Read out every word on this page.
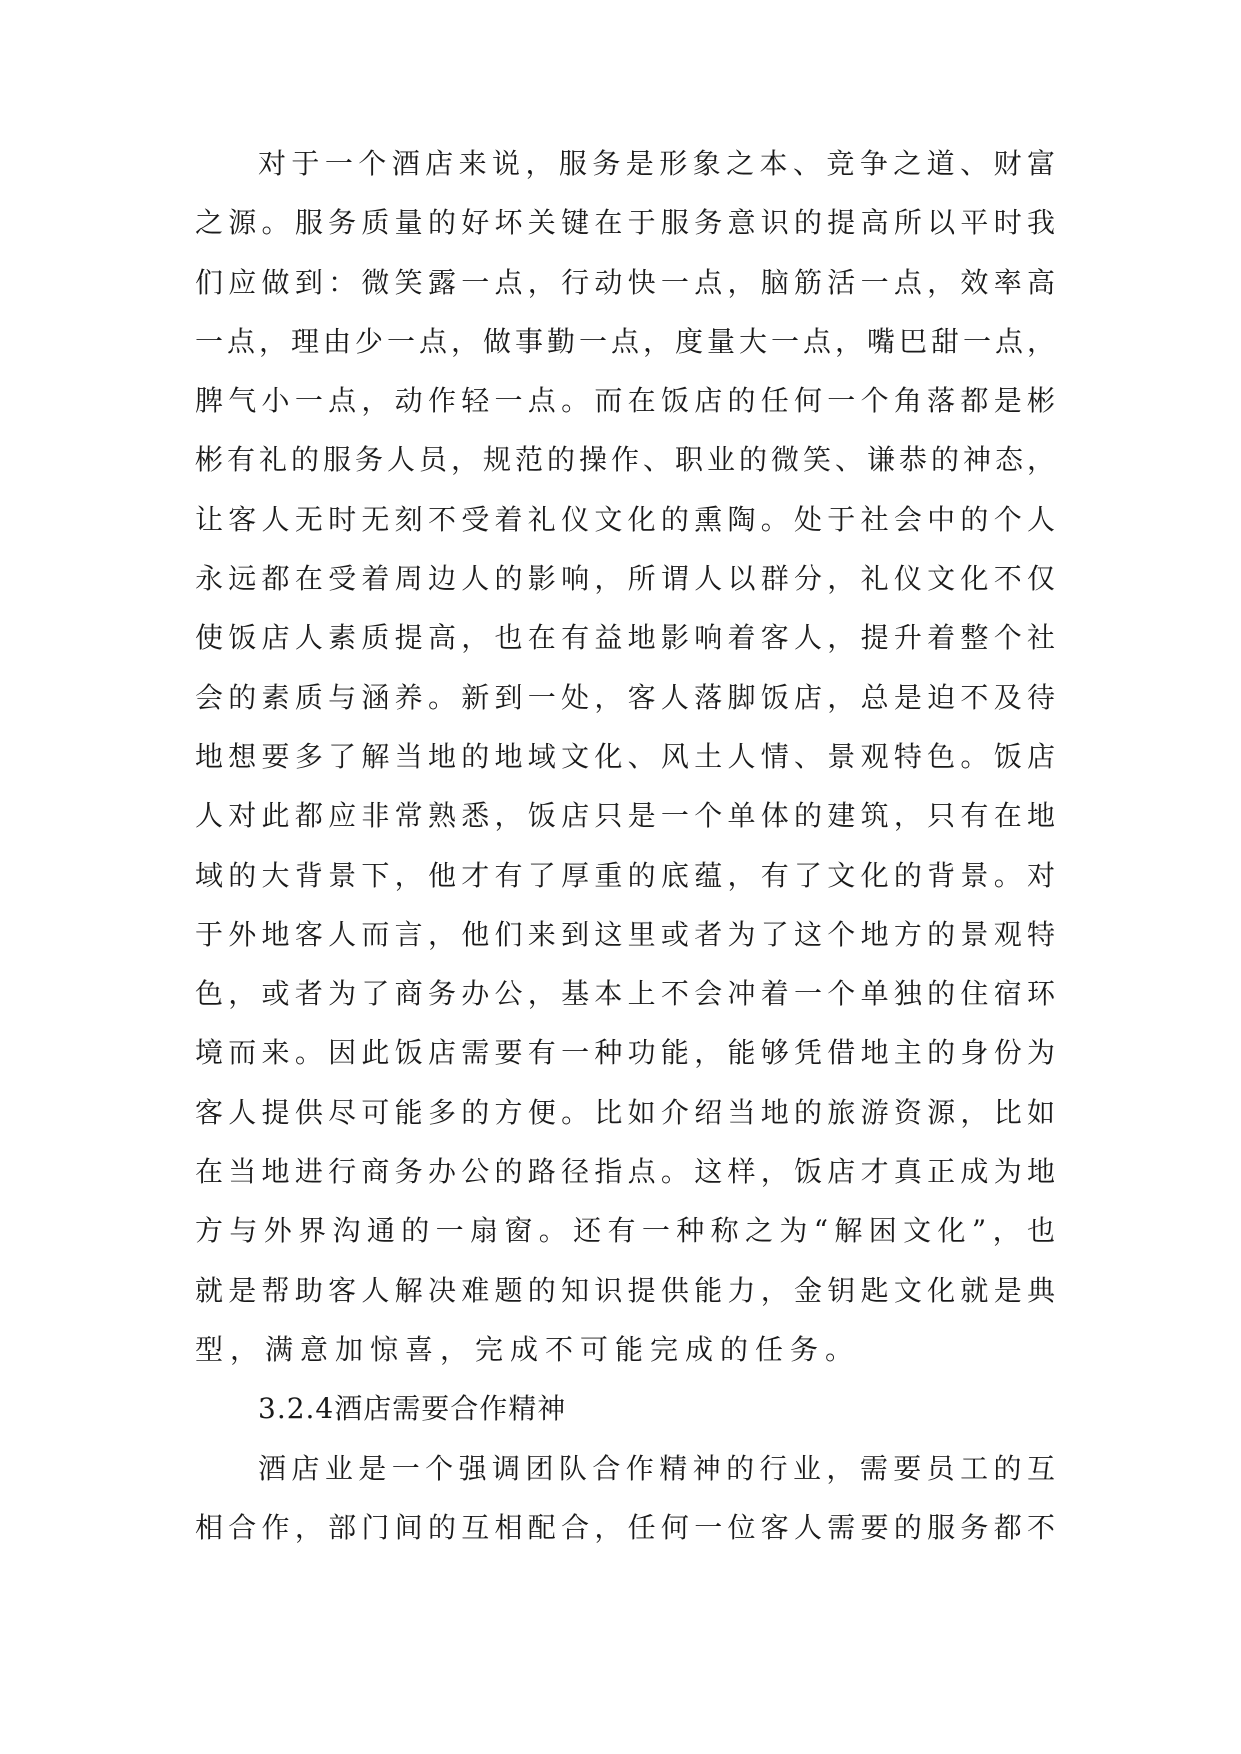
对于一个酒店来说，服务是形象之本、竞争之道、财富
之源。服务质量的好坏关键在于服务意识的提高所以平时我
们应做到：微笑露一点，行动快一点，脑筋活一点，效率高
一点，理由少一点，做事勤一点，度量大一点，嘴巴甜一点，
脾气小一点，动作轻一点。而在饭店的任何一个角落都是彬
彬有礼的服务人员，规范的操作、职业的微笑、谦恭的神态，
让客人无时无刻不受着礼仪文化的熏陶。处于社会中的个人
永远都在受着周边人的影响，所谓人以群分，礼仪文化不仅
使饭店人素质提高，也在有益地影响着客人，提升着整个社
会的素质与涵养。新到一处，客人落脚饭店，总是迫不及待
地想要多了解当地的地域文化、风土人情、景观特色。饭店
人对此都应非常熟悉，饭店只是一个单体的建筑，只有在地
域的大背景下，他才有了厚重的底蕴，有了文化的背景。对
于外地客人而言，他们来到这里或者为了这个地方的景观特
色，或者为了商务办公，基本上不会冲着一个单独的住宿环
境而来。因此饭店需要有一种功能，能够凭借地主的身份为
客人提供尽可能多的方便。比如介绍当地的旅游资源，比如
在当地进行商务办公的路径指点。这样，饭店才真正成为地
方与外界沟通的一扇窗。还有一种称之为“解困文化”，也
就是帮助客人解决难题的知识提供能力，金钥匙文化就是典
型，满意加惊喜，完成不可能完成的任务。
3.2.4酒店需要合作精神
酒店业是一个强调团队合作精神的行业，需要员工的互
相合作，部门间的互相配合，任何一位客人需要的服务都不
